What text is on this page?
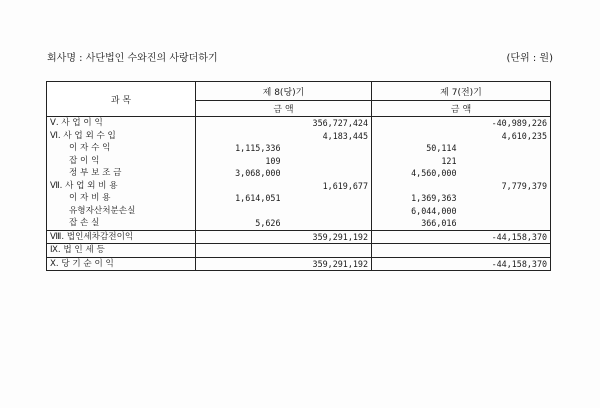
회사명 : 사단법인 수와진의 사랑더하기	(단위 : 원)
과 목	제 8(당)기		제 7(전)기	
	금 액		금 액	
Ⅴ. 사 업 이 익		356,727,424		-40,989,226
Ⅵ. 사 업 외 수 입		4,183,445		4,610,235
이 자 수 익	1,115,336		50,114	
잡 이 익	109		121	
정 부 보 조 금	3,068,000		4,560,000	
Ⅶ. 사 업 외 비 용		1,619,677		7,779,379
이 자 비 용	1,614,051		1,369,363	
유형자산처분손실			6,044,000	
잡 손 실	5,626		366,016	
Ⅷ. 법인세차감전이익		359,291,192		-44,158,370
Ⅸ. 법 인 세 등				
Ⅹ. 당 기 순 이 익		359,291,192		-44,158,370
